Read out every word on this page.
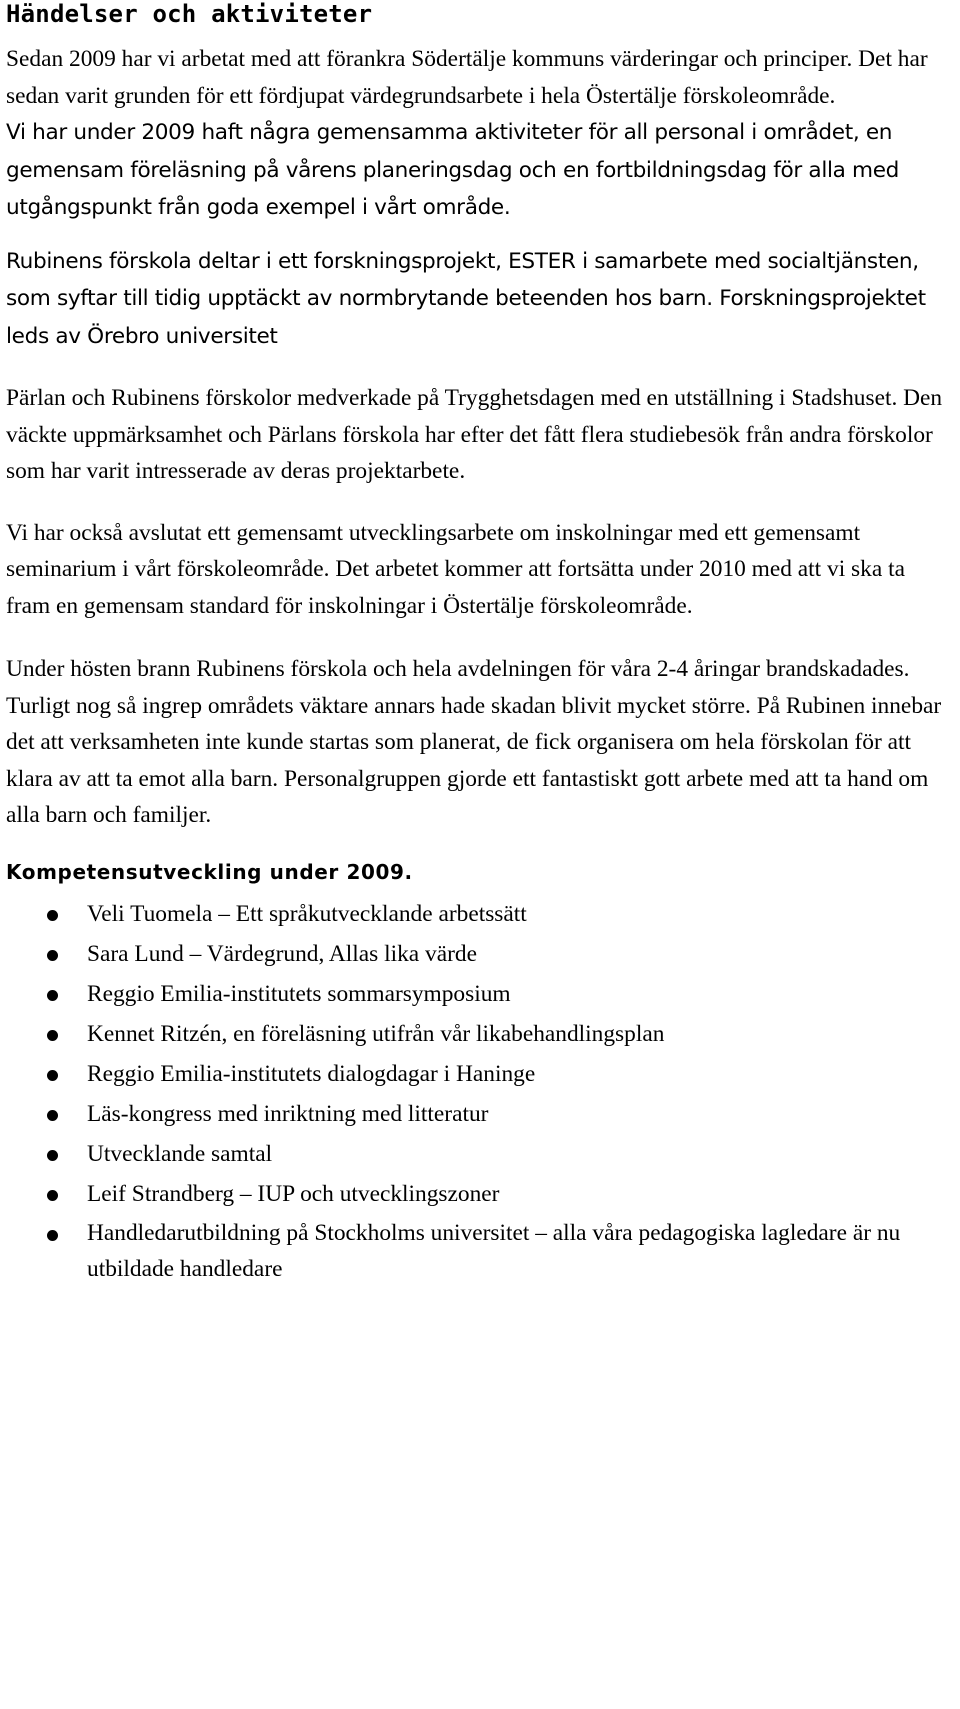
Händelser och aktiviteter

Sedan 2009 har vi arbetat med att förankra Södertälje kommuns värderingar och principer. Det har sedan varit grunden för ett fördjupat värdegrundsarbete i hela Östertälje förskoleområde.

Vi har under 2009 haft några gemensamma aktiviteter för all personal i området, en gemensam föreläsning på vårens planeringsdag och en fortbildningsdag för alla med utgångspunkt från goda exempel i vårt område.

Rubinens förskola deltar i ett forskningsprojekt, ESTER i samarbete med socialtjänsten, som syftar till tidig upptäckt av normbrytande beteenden hos barn. Forskningsprojektet leds av Örebro universitet

Pärlan och Rubinens förskolor medverkade på Trygghetsdagen med en utställning i Stadshuset. Den väckte uppmärksamhet och Pärlans förskola har efter det fått flera studiebesök från andra förskolor som har varit intresserade av deras projektarbete.

Vi har också avslutat ett gemensamt utvecklingsarbete om inskolningar med ett gemensamt seminarium i vårt förskoleområde. Det arbetet kommer att fortsätta under 2010 med att vi ska ta fram en gemensam standard för inskolningar i Östertälje förskoleområde.

Under hösten brann Rubinens förskola och hela avdelningen för våra 2-4 åringar brandskadades. Turligt nog så ingrep områdets väktare annars hade skadan blivit mycket större. På Rubinen innebar det att verksamheten inte kunde startas som planerat, de fick organisera om hela förskolan för att klara av att ta emot alla barn. Personalgruppen gjorde ett fantastiskt gott arbete med att ta hand om alla barn och familjer.

Kompetensutveckling under 2009.
Veli Tuomela – Ett språkutvecklande arbetssätt
Sara Lund – Värdegrund, Allas lika värde
Reggio Emilia-institutets sommarsymposium
Kennet Ritzén, en föreläsning utifrån vår likabehandlingsplan
Reggio Emilia-institutets dialogdagar i Haninge
Läs-kongress med inriktning med litteratur
Utvecklande samtal
Leif Strandberg – IUP och utvecklingszoner
Handledarutbildning på Stockholms universitet – alla våra pedagogiska lagledare är nu utbildade handledare
